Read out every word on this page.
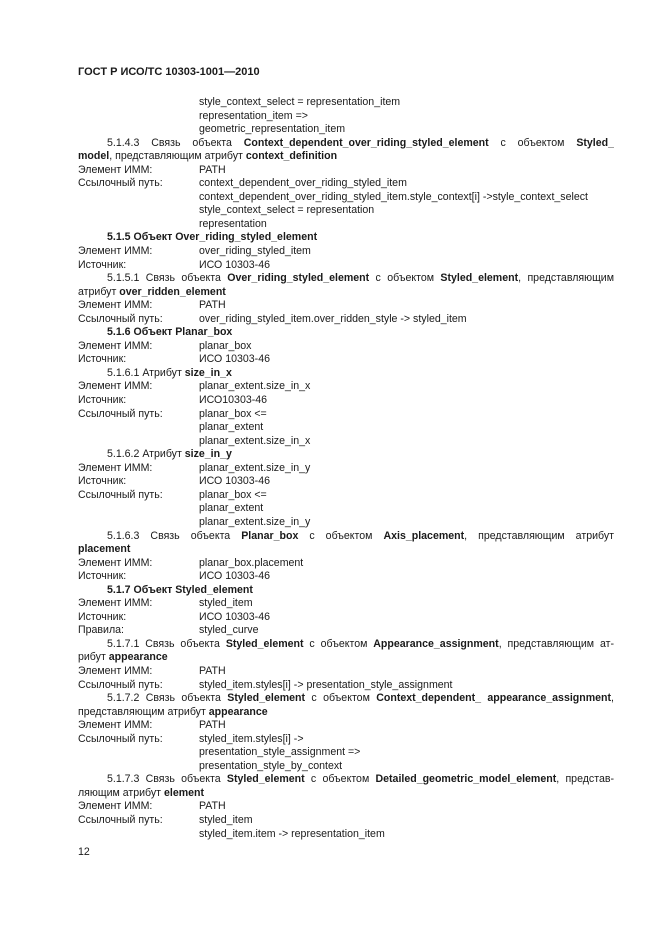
ГОСТ Р ИСО/ТС 10303-1001—2010
style_context_select = representation_item
representation_item =>
geometric_representation_item
5.1.4.3 Связь объекта Context_dependent_over_riding_styled_element с объектом Styled_
model, представляющим атрибут context_definition
Элемент ИММ:	PATH
Ссылочный путь:	context_dependent_over_riding_styled_item
context_dependent_over_riding_styled_item.style_context[i] ->style_context_select
style_context_select = representation
representation
5.1.5 Объект Over_riding_styled_element
Элемент ИММ:	over_riding_styled_item
Источник:	ИСО 10303-46
5.1.5.1 Связь объекта Over_riding_styled_element с объектом Styled_element, представляющим
атрибут over_ridden_element
Элемент ИММ:	PATH
Ссылочный путь:	over_riding_styled_item.over_ridden_style -> styled_item
5.1.6 Объект Planar_box
Элемент ИММ:	planar_box
Источник:	ИСО 10303-46
5.1.6.1 Атрибут size_in_x
Элемент ИММ:	planar_extent.size_in_x
Источник:	ИСО10303-46
Ссылочный путь:	planar_box <=
planar_extent
planar_extent.size_in_x
5.1.6.2 Атрибут size_in_y
Элемент ИММ:	planar_extent.size_in_y
Источник:	ИСО 10303-46
Ссылочный путь:	planar_box <=
planar_extent
planar_extent.size_in_y
5.1.6.3 Связь объекта Planar_box с объектом Axis_placement, представляющим атрибут
placement
Элемент ИММ:	planar_box.placement
Источник:	ИСО 10303-46
5.1.7 Объект Styled_element
Элемент ИММ:	styled_item
Источник:	ИСО 10303-46
Правила:	styled_curve
5.1.7.1 Связь объекта Styled_element с объектом Appearance_assignment, представляющим ат-
рибут appearance
Элемент ИММ:	PATH
Ссылочный путь:	styled_item.styles[i] -> presentation_style_assignment
5.1.7.2 Связь объекта Styled_element с объектом Context_dependent_ appearance_assignment,
представляющим атрибут appearance
Элемент ИММ:	PATH
Ссылочный путь:	styled_item.styles[i] ->
presentation_style_assignment =>
presentation_style_by_context
5.1.7.3 Связь объекта Styled_element с объектом Detailed_geometric_model_element, представ-
ляющим атрибут element
Элемент ИММ:	PATH
Ссылочный путь:	styled_item
styled_item.item -> representation_item
12
